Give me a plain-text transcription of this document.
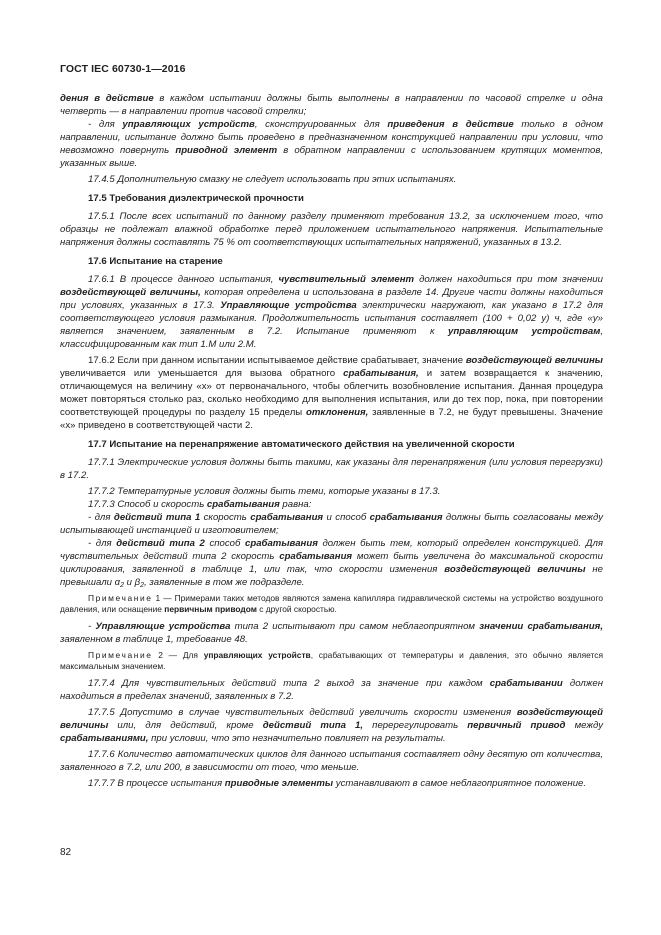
ГОСТ IEC 60730-1—2016

дения в действие в каждом испытании должны быть выполнены в направлении по часовой стрелке и одна четверть — в направлении против часовой стрелки;

- для управляющих устройств, сконструированных для приведения в действие только в одном направлении, испытание должно быть проведено в предназначенном конструкцией направлении при условии, что невозможно повернуть приводной элемент в обратном направлении с использованием крутящих моментов, указанных выше.

17.4.5 Дополнительную смазку не следует использовать при этих испытаниях.

17.5 Требования диэлектрической прочности

17.5.1 После всех испытаний по данному разделу применяют требования 13.2, за исключением того, что образцы не подлежат влажной обработке перед приложением испытательного напряжения. Испытательные напряжения должны составлять 75 % от соответствующих испытательных напряжений, указанных в 13.2.

17.6 Испытание на старение

17.6.1 В процессе данного испытания, чувствительный элемент должен находиться при том значении воздействующей величины, которая определена и использована в разделе 14. Другие части должны находиться при условиях, указанных в 17.3. Управляющие устройства электрически нагружают, как указано в 17.2 для соответствующего условия размыкания. Продолжительность испытания составляет (100 + 0,02 у) ч, где «у» является значением, заявленным в 7.2. Испытание применяют к управляющим устройствам, классифицированным как тип 1.M или 2.M.

17.6.2 Если при данном испытании испытываемое действие срабатывает, значение воздействующей величины увеличивается или уменьшается для вызова обратного срабатывания, и затем возвращается к значению, отличающемуся на величину «х» от первоначального, чтобы облегчить возобновление испытания. Данная процедура может повторяться столько раз, сколько необходимо для выполнения испытания, или до тех пор, пока, при повторении соответствующей процедуры по разделу 15 пределы отклонения, заявленные в 7.2, не будут превышены. Значение «х» приведено в соответствующей части 2.

17.7 Испытание на перенапряжение автоматического действия на увеличенной скорости

17.7.1 Электрические условия должны быть такими, как указаны для перенапряжения (или условия перегрузки) в 17.2.

17.7.2 Температурные условия должны быть теми, которые указаны в 17.3.

17.7.3 Способ и скорость срабатывания равна:

- для действий типа 1 скорость срабатывания и способ срабатывания должны быть согласованы между испытывающей инстанцией и изготовителем;

- для действий типа 2 способ срабатывания должен быть тем, который определен конструкцией. Для чувствительных действий типа 2 скорость срабатывания может быть увеличена до максимальной скорости циклирования, заявленной в таблице 1, или так, что скорости изменения воздействующей величины не превышали $\alpha_2$ и $\beta_2$, заявленные в том же подразделе.

Примечание 1 — Примерами таких методов являются замена капилляра гидравлической системы на устройство воздушного давления, или оснащение первичным приводом с другой скоростью.

- Управляющие устройства типа 2 испытывают при самом неблагоприятном значении срабатывания, заявленном в таблице 1, требование 48.

Примечание 2 — Для управляющих устройств, срабатывающих от температуры и давления, это обычно является максимальным значением.

17.7.4 Для чувствительных действий типа 2 выход за значение при каждом срабатывании должен находиться в пределах значений, заявленных в 7.2.

17.7.5 Допустимо в случае чувствительных действий увеличить скорости изменения воздействующей величины или, для действий, кроме действий типа 1, перерегулировать первичный привод между срабатываниями, при условии, что это незначительно повлияет на результаты.

17.7.6 Количество автоматических циклов для данного испытания составляет одну десятую от количества, заявленного в 7.2, или 200, в зависимости от того, что меньше.

17.7.7 В процессе испытания приводные элементы устанавливают в самое неблагоприятное положение.

82
